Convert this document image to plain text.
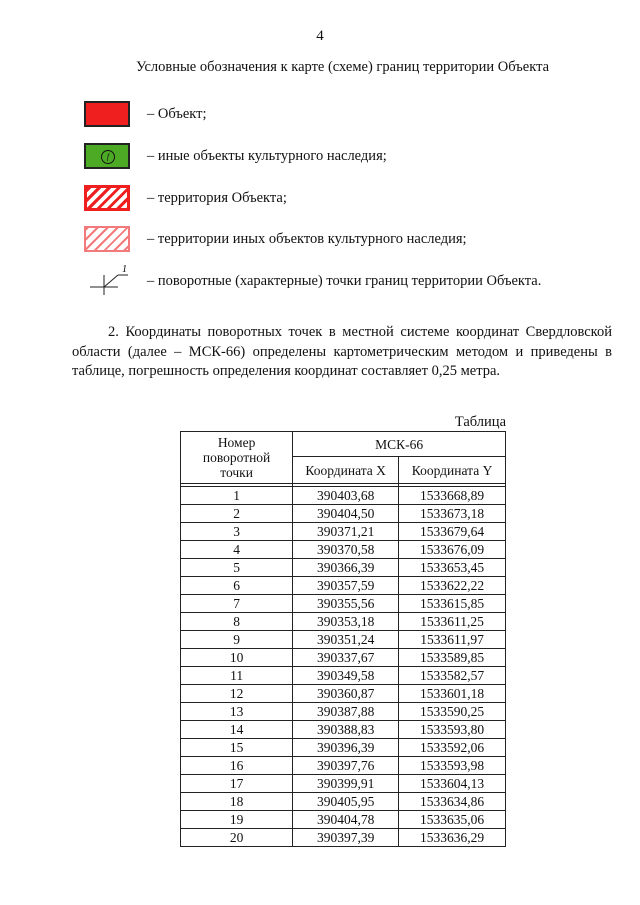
4
Условные обозначения к карте (схеме) границ территории Объекта
– Объект;
f	– иные объекты культурного наследия;
– территория Объекта;
– территории иных объектов культурного наследия;
1
– поворотные (характерные) точки границ территории Объекта.
2. Координаты поворотных точек в местной системе координат Свердловской области (далее – МСК-66) определены картометрическим методом и приведены в таблице, погрешность определения координат составляет 0,25 метра.
Таблица
Номер поворотной точки	МСК-66	
	Координата X	Координата Y

1	390403,68	1533668,89
2	390404,50	1533673,18
3	390371,21	1533679,64
4	390370,58	1533676,09
5	390366,39	1533653,45
6	390357,59	1533622,22
7	390355,56	1533615,85
8	390353,18	1533611,25
9	390351,24	1533611,97
10	390337,67	1533589,85
11	390349,58	1533582,57
12	390360,87	1533601,18
13	390387,88	1533590,25
14	390388,83	1533593,80
15	390396,39	1533592,06
16	390397,76	1533593,98
17	390399,91	1533604,13
18	390405,95	1533634,86
19	390404,78	1533635,06
20	390397,39	1533636,29
